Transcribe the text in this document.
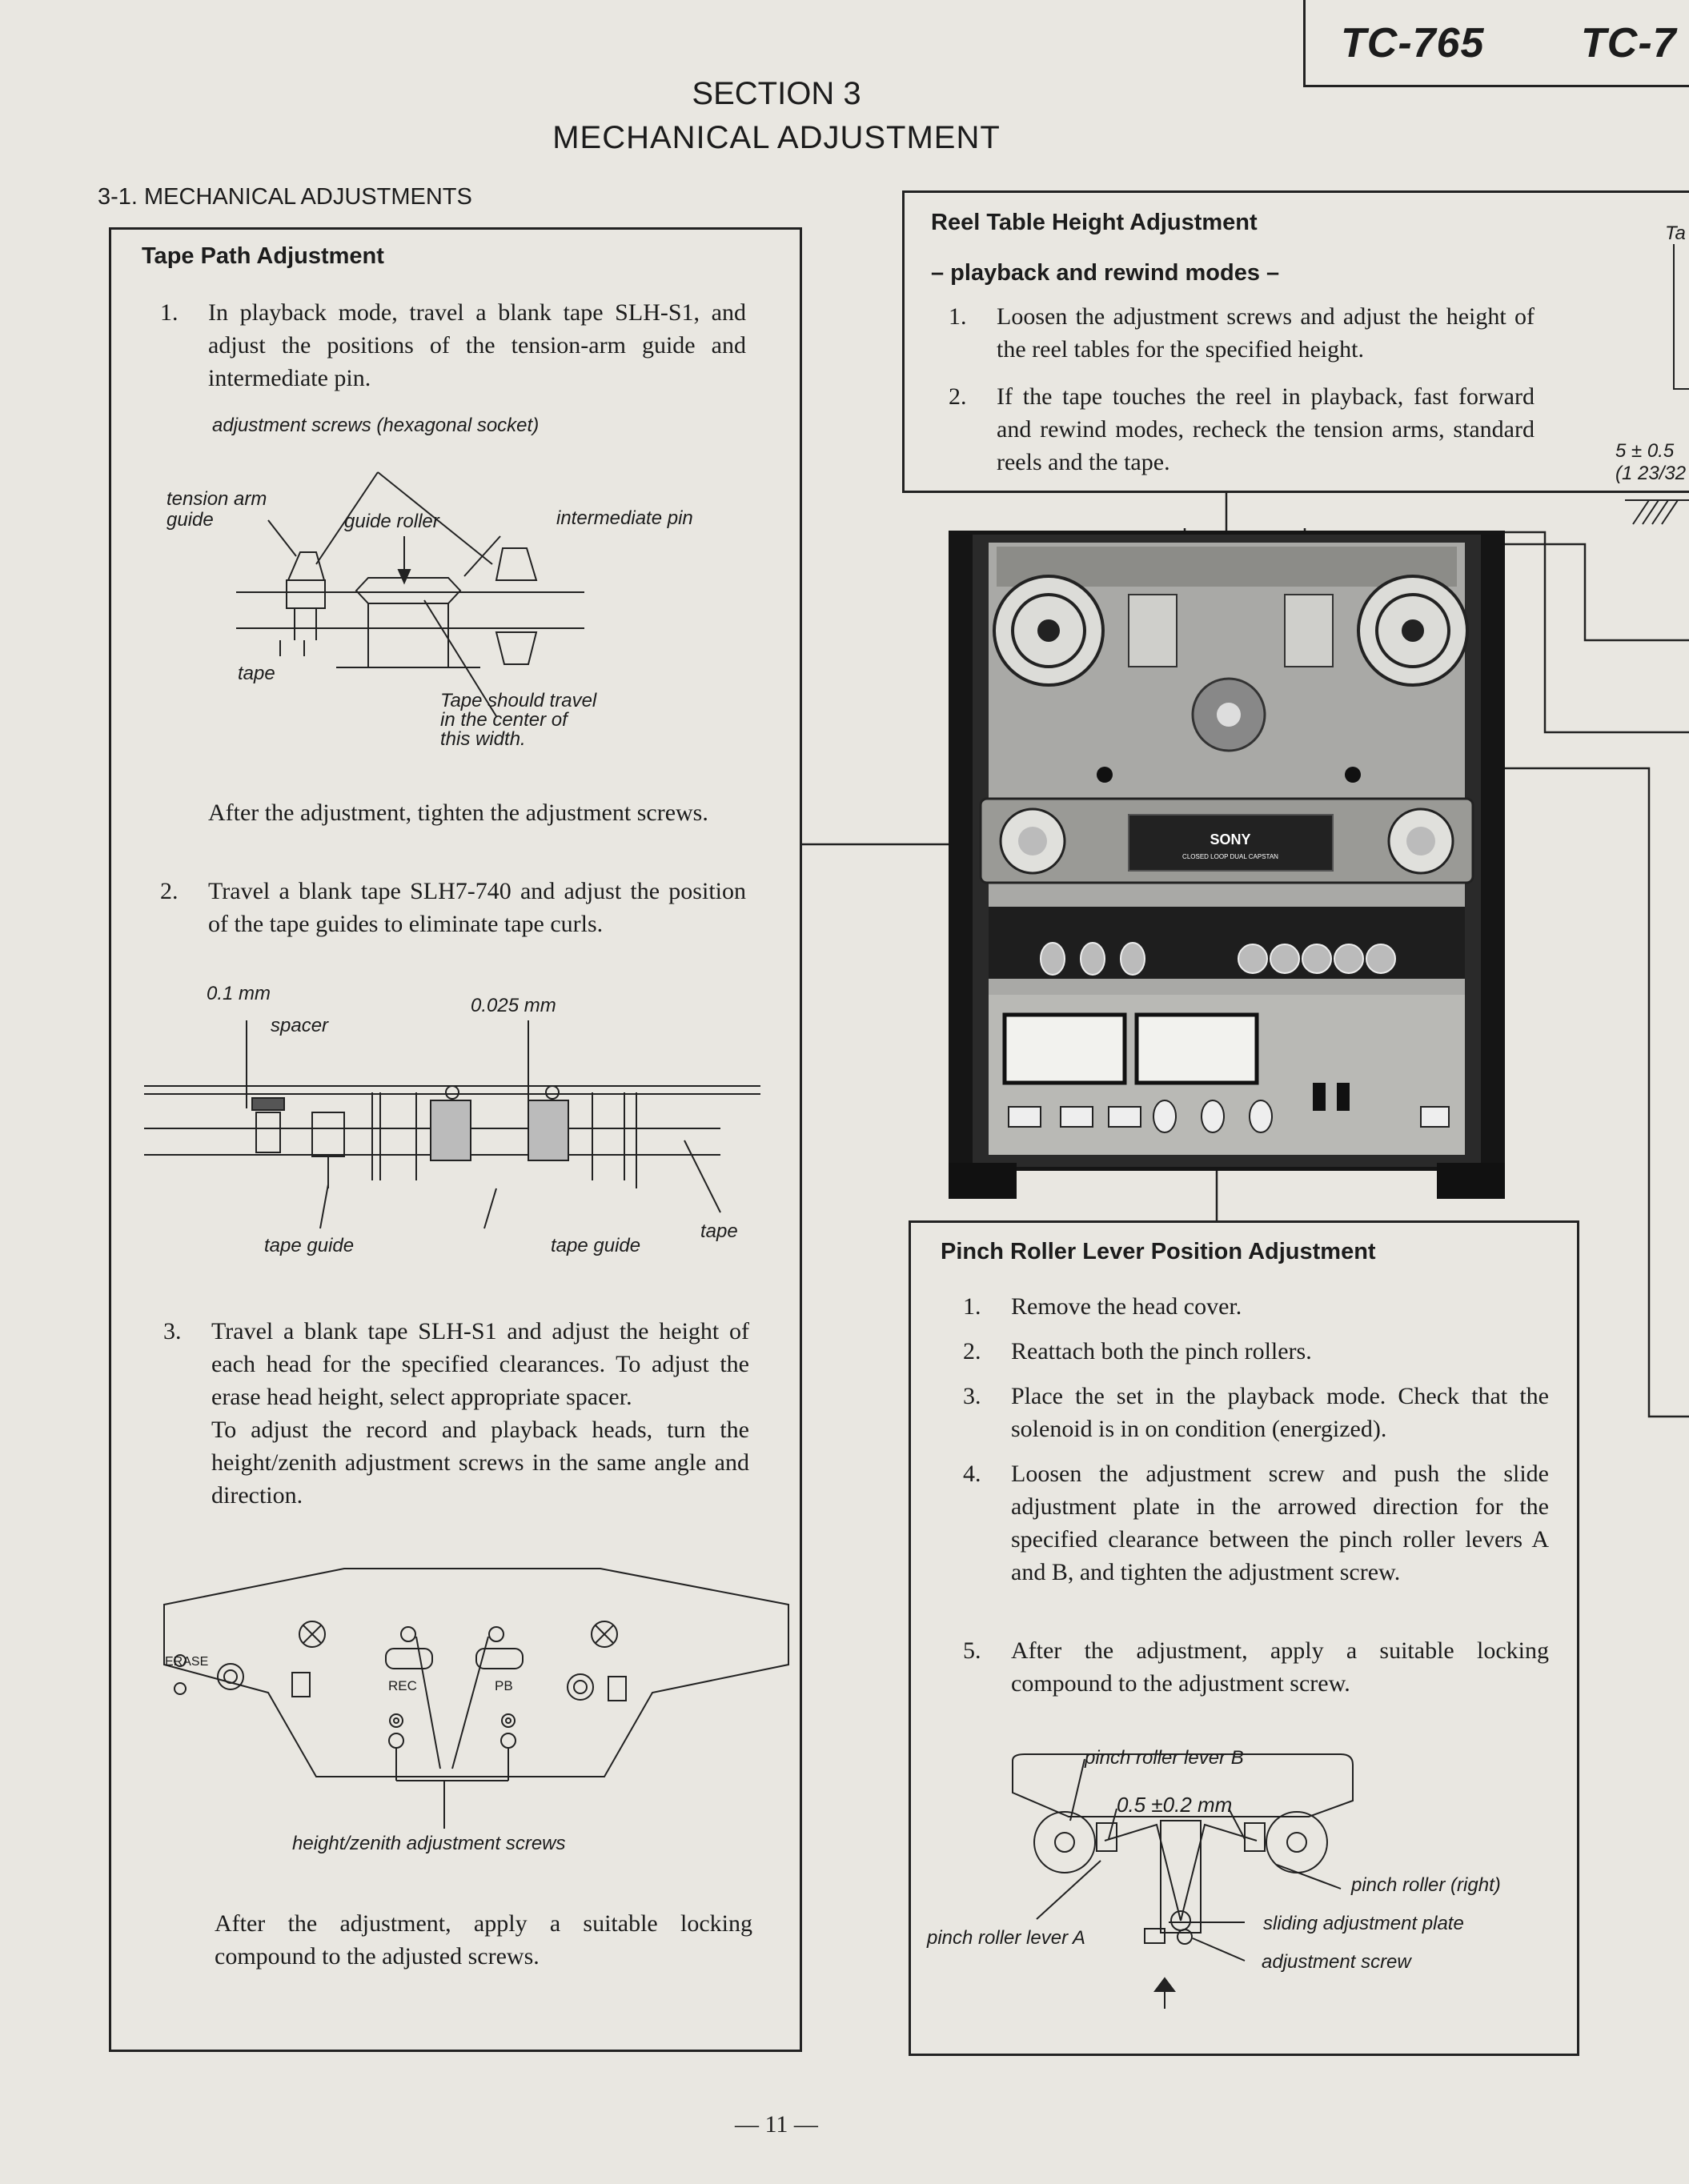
TC-765 TC-7
SECTION 3
MECHANICAL ADJUSTMENT
3-1. MECHANICAL ADJUSTMENTS
Tape Path Adjustment
1. In playback mode, travel a blank tape SLH-S1, and adjust the positions of the tension-arm guide and intermediate pin.
adjustment screws (hexagonal socket)
tension arm
guide	guide roller	intermediate pin
tape
Tape should travel
in the center of
this width.
After the adjustment, tighten the adjustment screws.
2. Travel a blank tape SLH7-740 and adjust the position of the tape guides to eliminate tape curls.
0.1 mm
0.025 mm
spacer
tape guide	tape guide
tape
3. Travel a blank tape SLH-S1 and adjust the height of each head for the specified clearances. To adjust the erase head height, select appropriate spacer.
To adjust the record and playback heads, turn the height/zenith adjustment screws in the same angle and direction.
ERASE
REC	PB
height/zenith adjustment screws
After the adjustment, apply a suitable locking compound to the adjusted screws.
Reel Table Height Adjustment
– playback and rewind modes –
1. Loosen the adjustment screws and adjust the height of the reel tables for the specified height.
2. If the tape touches the reel in playback, fast forward and rewind modes, recheck the tension arms, standard reels and the tape.
SONY
CLOSED LOOP DUAL CAPSTAN
Pinch Roller Lever Position Adjustment
1. Remove the head cover.
2. Reattach both the pinch rollers.
3. Place the set in the playback mode. Check that the solenoid is in on condition (energized).
4. Loosen the adjustment screw and push the slide adjustment plate in the arrowed direction for the specified clearance between the pinch roller levers A and B, and tighten the adjustment screw.
5. After the adjustment, apply a suitable locking compound to the adjustment screw.
pinch roller lever B
0.5 ±0.2 mm
pinch roller (right)
pinch roller lever A
sliding adjustment plate
adjustment screw
Ta
5 ± 0.5
(1 23/32
— 11 —
